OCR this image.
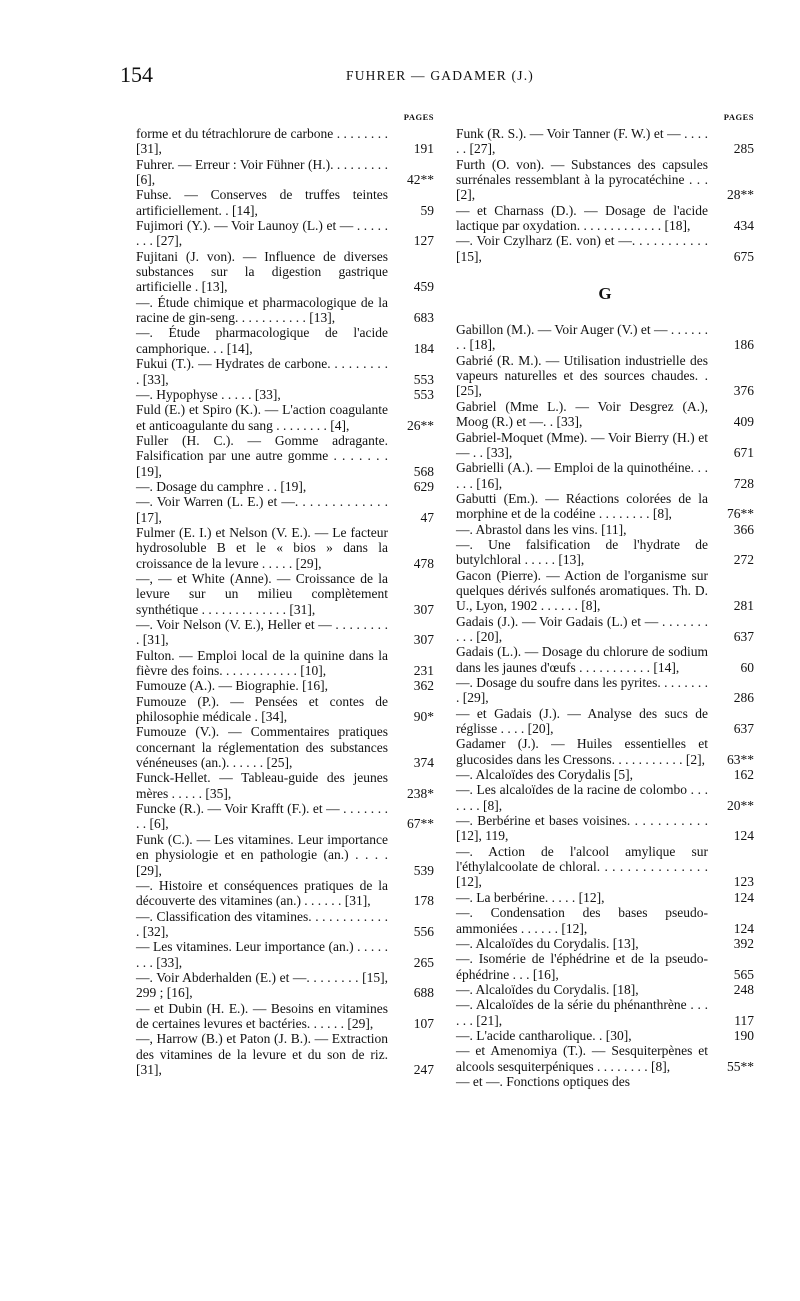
154	FUHRER — GADAMER (J.)
PAGES
forme et du tétrachlorure de carbone . . . . . . . . [31],	191
Fuhrer. — Erreur : Voir Fühner (H.). . . . . . . . . [6],	42**
Fuhse. — Conserves de truffes teintes artificiellement. . [14],	59
Fujimori (Y.). — Voir Launoy (L.) et — . . . . . . . . [27],	127
Fujitani (J. von). — Influence de diverses substances sur la digestion gastrique artificielle . [13],	459
—. Étude chimique et pharmacologique de la racine de gin-seng. . . . . . . . . . . [13],	683
—. Étude pharmacologique de l'acide camphorique. . . [14],	184
Fukui (T.). — Hydrates de carbone. . . . . . . . . . [33],	553
—. Hypophyse . . . . . [33],	553
Fuld (E.) et Spiro (K.). — L'action coagulante et anticoagulante du sang . . . . . . . . [4],	26**
Fuller (H. C.). — Gomme adragante. Falsification par une autre gomme . . . . . . . [19],	568
—. Dosage du camphre . . [19],	629
—. Voir Warren (L. E.) et —. . . . . . . . . . . . . [17],	47
Fulmer (E. I.) et Nelson (V. E.). — Le facteur hydrosoluble B et le « bios » dans la croissance de la levure . . . . . [29],	478
—, — et White (Anne). — Croissance de la levure sur un milieu complètement synthétique . . . . . . . . . . . . . [31],	307
—. Voir Nelson (V. E.), Heller et — . . . . . . . . . [31],	307
Fulton. — Emploi local de la quinine dans la fièvre des foins. . . . . . . . . . . . [10],	231
Fumouze (A.). — Biographie. [16],	362
Fumouze (P.). — Pensées et contes de philosophie médicale . [34],	90*
Fumouze (V.). — Commentaires pratiques concernant la réglementation des substances vénéneuses (an.). . . . . . [25],	374
Funck-Hellet. — Tableau-guide des jeunes mères . . . . . [35],	238*
Funcke (R.). — Voir Krafft (F.). et — . . . . . . . . . [6],	67**
Funk (C.). — Les vitamines. Leur importance en physiologie et en pathologie (an.) . . . . [29],	539
—. Histoire et conséquences pratiques de la découverte des vitamines (an.) . . . . . . [31],	178
—. Classification des vitamines. . . . . . . . . . . . . [32],	556
— Les vitamines. Leur importance (an.) . . . . . . . . [33],	265
—. Voir Abderhalden (E.) et —. . . . . . . . [15], 299 ; [16],	688
— et Dubin (H. E.). — Besoins en vitamines de certaines levures et bactéries. . . . . . [29],	107
—, Harrow (B.) et Paton (J. B.). — Extraction des vitamines de la levure et du son de riz. [31],	247
PAGES
Funk (R. S.). — Voir Tanner (F. W.) et — . . . . . . [27],	285
Furth (O. von). — Substances des capsules surrénales ressemblant à la pyrocatéchine . . . [2],	28**
— et Charnass (D.). — Dosage de l'acide lactique par oxydation. . . . . . . . . . . . . [18],	434
—. Voir Czylharz (E. von) et —. . . . . . . . . . . [15],	675
G
Gabillon (M.). — Voir Auger (V.) et — . . . . . . . . [18],	186
Gabrié (R. M.). — Utilisation industrielle des vapeurs naturelles et des sources chaudes. . [25],	376
Gabriel (Mme L.). — Voir Desgrez (A.), Moog (R.) et —. . [33],	409
Gabriel-Moquet (Mme). — Voir Bierry (H.) et — . . [33],	671
Gabrielli (A.). — Emploi de la quinothéine. . . . . . [16],	728
Gabutti (Em.). — Réactions colorées de la morphine et de la codéine . . . . . . . . [8],	76**
—. Abrastol dans les vins. [11],	366
—. Une falsification de l'hydrate de butylchloral . . . . . [13],	272
Gacon (Pierre). — Action de l'organisme sur quelques dérivés sulfonés aromatiques. Th. D. U., Lyon, 1902 . . . . . . [8],	281
Gadais (J.). — Voir Gadais (L.) et — . . . . . . . . . . [20],	637
Gadais (L.). — Dosage du chlorure de sodium dans les jaunes d'œufs . . . . . . . . . . . [14],	60
—. Dosage du soufre dans les pyrites. . . . . . . . . [29],	286
— et Gadais (J.). — Analyse des sucs de réglisse . . . . [20],	637
Gadamer (J.). — Huiles essentielles et glucosides dans les Cressons. . . . . . . . . . . [2],	63**
—. Alcaloïdes des Corydalis [5],	162
—. Les alcaloïdes de la racine de colombo . . . . . . . [8],	20**
—. Berbérine et bases voisines. . . . . . . . . . . [12], 119,	124
—. Action de l'alcool amylique sur l'éthylalcoolate de chloral. . . . . . . . . . . . . . . [12],	123
—. La berbérine. . . . . [12],	124
—. Condensation des bases pseudo-ammoniées . . . . . . [12],	124
—. Alcaloïdes du Corydalis. [13],	392
—. Isomérie de l'éphédrine et de la pseudo-éphédrine . . . [16],	565
—. Alcaloïdes du Corydalis. [18],	248
—. Alcaloïdes de la série du phénanthrène . . . . . . [21],	117
—. L'acide cantharolique. . [30],	190
— et Amenomiya (T.). — Sesquiterpènes et alcools sesquiterpéniques . . . . . . . . [8],	55**
— et —. Fonctions optiques des
